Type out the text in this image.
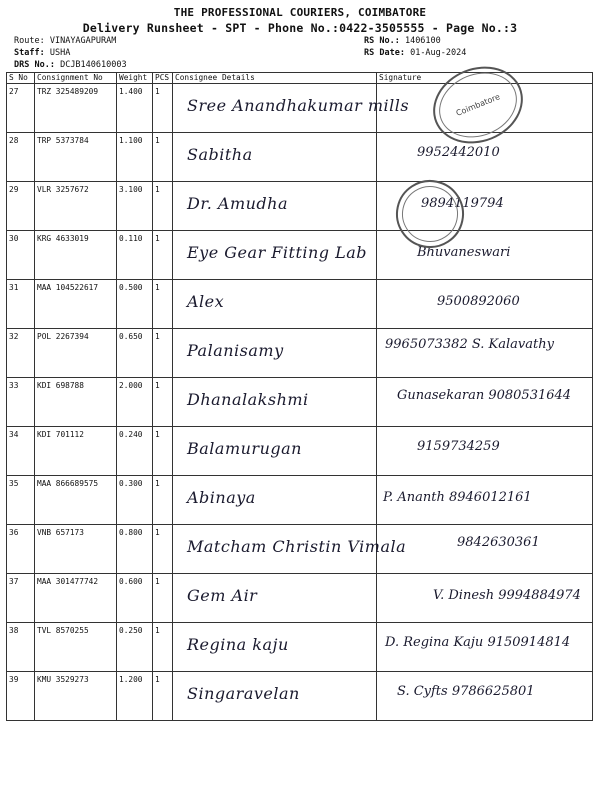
THE PROFESSIONAL COURIERS, COIMBATORE
Delivery Runsheet - SPT - Phone No.:0422-3505555 - Page No.:3
Route: VINAYAGAPURAM
Staff: USHA
DRS No.: DCJB140610003
RS No.: 1406100
RS Date: 01-Aug-2024
S No	Consignment No	Weight	PCS	Consignee Details	Signature
27	TRZ 325489209	1.400	1	Sree Anandhakumar mills	

28	TRP 5373784	1.100	1	Sabitha	9952442010

29	VLR 3257672	3.100	1	Dr. Amudha	9894119794

30	KRG 4633019	0.110	1	Eye Gear Fitting Lab	Bhuvaneswari

31	MAA 104522617	0.500	1	Alex	9500892060

32	POL 2267394	0.650	1	Palanisamy	9965073382 S. Kalavathy

33	KDI 698788	2.000	1	Dhanalakshmi	Gunasekaran 9080531644

34	KDI 701112	0.240	1	Balamurugan	9159734259

35	MAA 866689575	0.300	1	Abinaya	P. Ananth 8946012161

36	VNB 657173	0.800	1	Matcham Christin Vimala	9842630361

37	MAA 301477742	0.600	1	Gem Air	V. Dinesh 9994884974

38	TVL 8570255	0.250	1	Regina kaju	D. Regina Kaju 9150914814

39	KMU 3529273	1.200	1	Singaravelan	S. Cyfts 9786625801
Coimbatore
